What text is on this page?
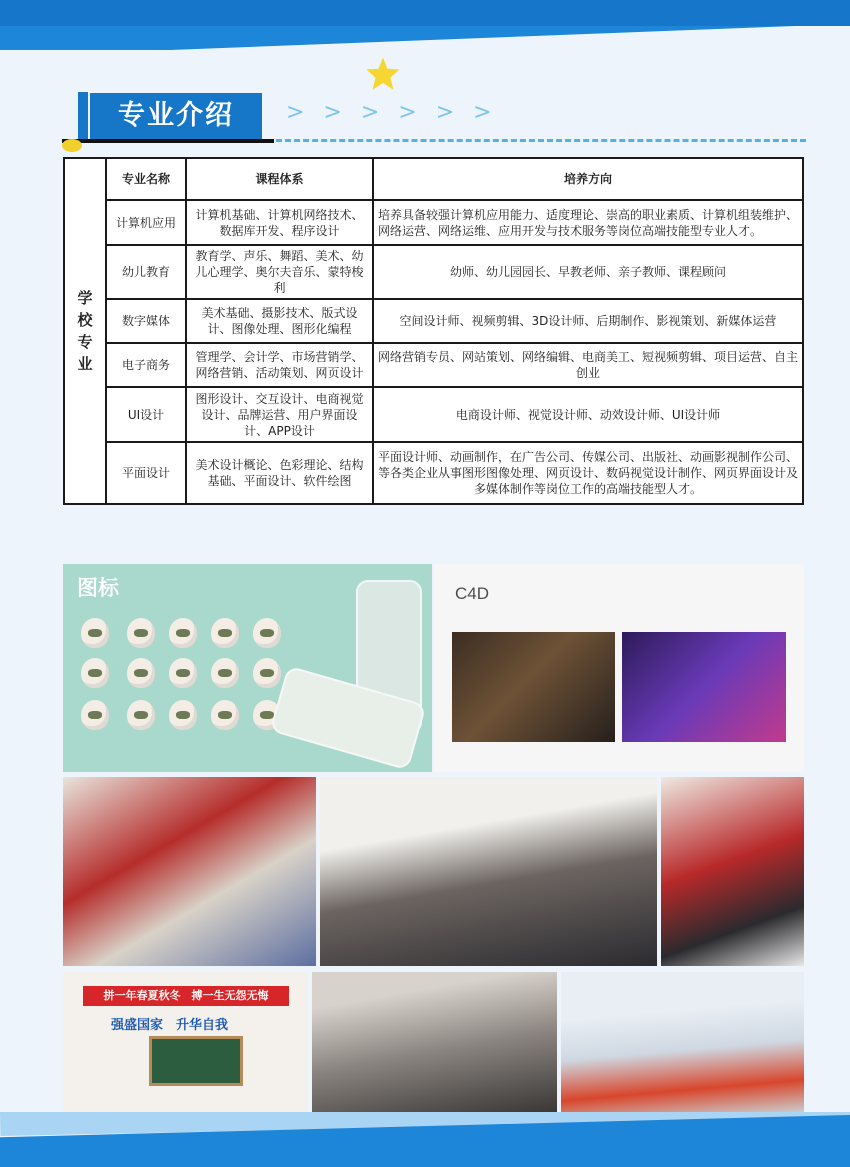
专业介绍	> > > > > >
学校专业	专业名称	课程体系	培养方向
	计算机应用	计算机基础、计算机网络技术、数据库开发、程序设计	培养具备较强计算机应用能力、适度理论、崇高的职业素质、计算机组装维护、网络运营、网络运维、应用开发与技术服务等岗位高端技能型专业人才。
	幼儿教育	教育学、声乐、舞蹈、美术、幼儿心理学、奥尔夫音乐、蒙特梭利	幼师、幼儿园园长、早教老师、亲子教师、课程顾问
	数字媒体	美术基础、摄影技术、版式设计、图像处理、图形化编程	空间设计师、视频剪辑、3D设计师、后期制作、影视策划、新媒体运营
	电子商务	管理学、会计学、市场营销学、网络营销、活动策划、网页设计	网络营销专员、网站策划、网络编辑、电商美工、短视频剪辑、项目运营、自主创业
	UI设计	图形设计、交互设计、电商视觉设计、品牌运营、用户界面设计、APP设计	电商设计师、视觉设计师、动效设计师、UI设计师
	平面设计	美术设计概论、色彩理论、结构基础、平面设计、软件绘图	平面设计师、动画制作，在广告公司、传媒公司、出版社、动画影视制作公司、等各类企业从事图形图像处理、网页设计、数码视觉设计制作、网页界面设计及多媒体制作等岗位工作的高端技能型人才。
图标	C4D
拼一年春夏秋冬　搏一生无怨无悔
强盛国家　升华自我
